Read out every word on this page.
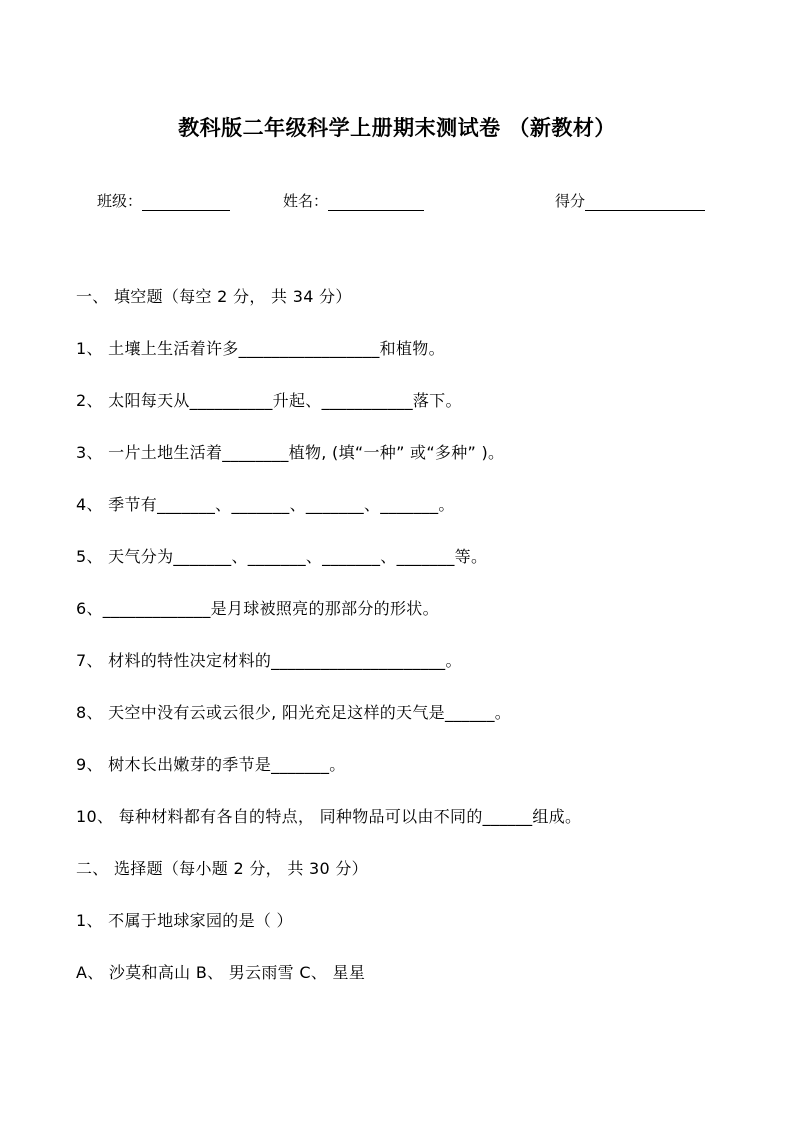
教科版二年级科学上册期末测试卷 （新教材）
班级：	姓名：	得分
一、 填空题（每空 2 分， 共 34 分）
1、 土壤上生活着许多_________________和植物。
2、 太阳每天从__________升起、___________落下。
3、 一片土地生活着________植物, (填“一种” 或“多种” )。
4、 季节有_______、_______、_______、_______。
5、 天气分为_______、_______、_______、_______等。
6、_____________是月球被照亮的那部分的形状。
7、 材料的特性决定材料的_____________________。
8、 天空中没有云或云很少, 阳光充足这样的天气是______。
9、 树木长出嫩芽的季节是_______。
10、 每种材料都有各自的特点， 同种物品可以由不同的______组成。
二、 选择题（每小题 2 分， 共 30 分）
1、 不属于地球家园的是（ ）
A、 沙莫和高山 B、 男云雨雪 C、 星星
